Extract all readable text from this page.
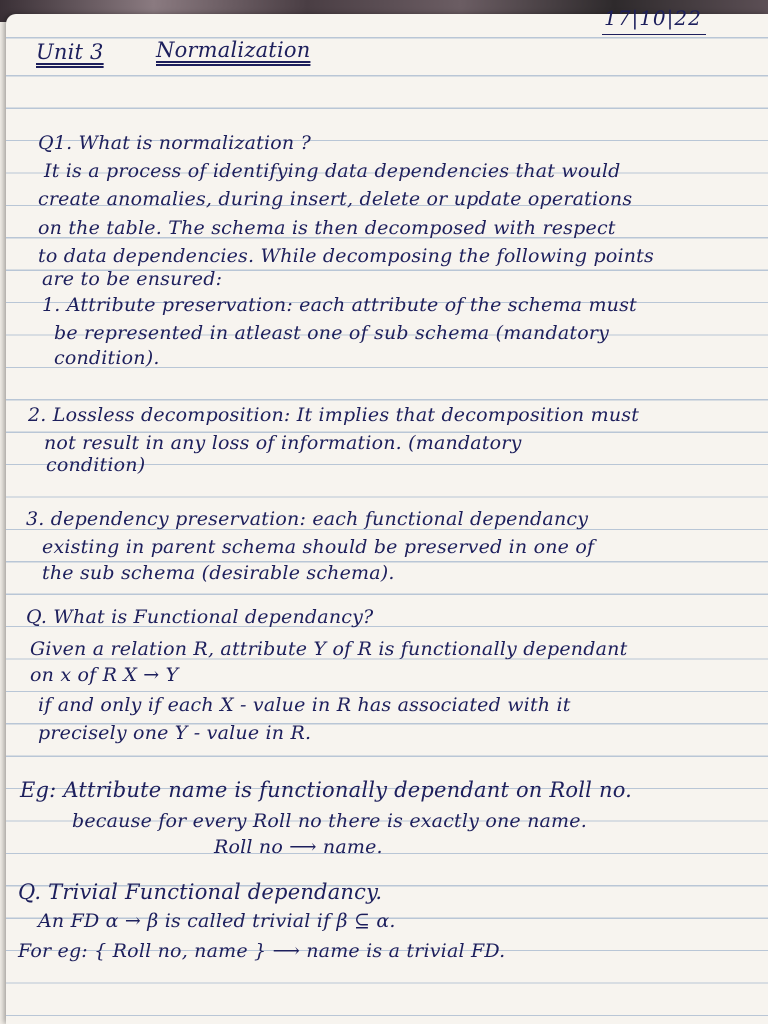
17|10|22
Unit 3 Normalization
Q1. What is normalization ?
It is a process of identifying data dependencies that would
create anomalies, during insert, delete or update operations
on the table. The schema is then decomposed with respect
to data dependencies. While decomposing the following points
are to be ensured:
1. Attribute preservation: each attribute of the schema must
be represented in atleast one of sub schema (mandatory
condition).
2. Lossless decomposition: It implies that decomposition must
not result in any loss of information. (mandatory
condition)
3. dependency preservation: each functional dependancy
existing in parent schema should be preserved in one of
the sub schema (desirable schema).
Q. What is Functional dependancy?
Given a relation R, attribute Y of R is functionally dependant
on x of R X → Y
if and only if each X - value in R has associated with it
precisely one Y - value in R.
Eg: Attribute name is functionally dependant on Roll no.
because for every Roll no there is exactly one name.
Roll no ⟶ name.
Q. Trivial Functional dependancy.
An FD α → β is called trivial if β ⊆ α.
For eg: { Roll no, name } ⟶ name is a trivial FD.
